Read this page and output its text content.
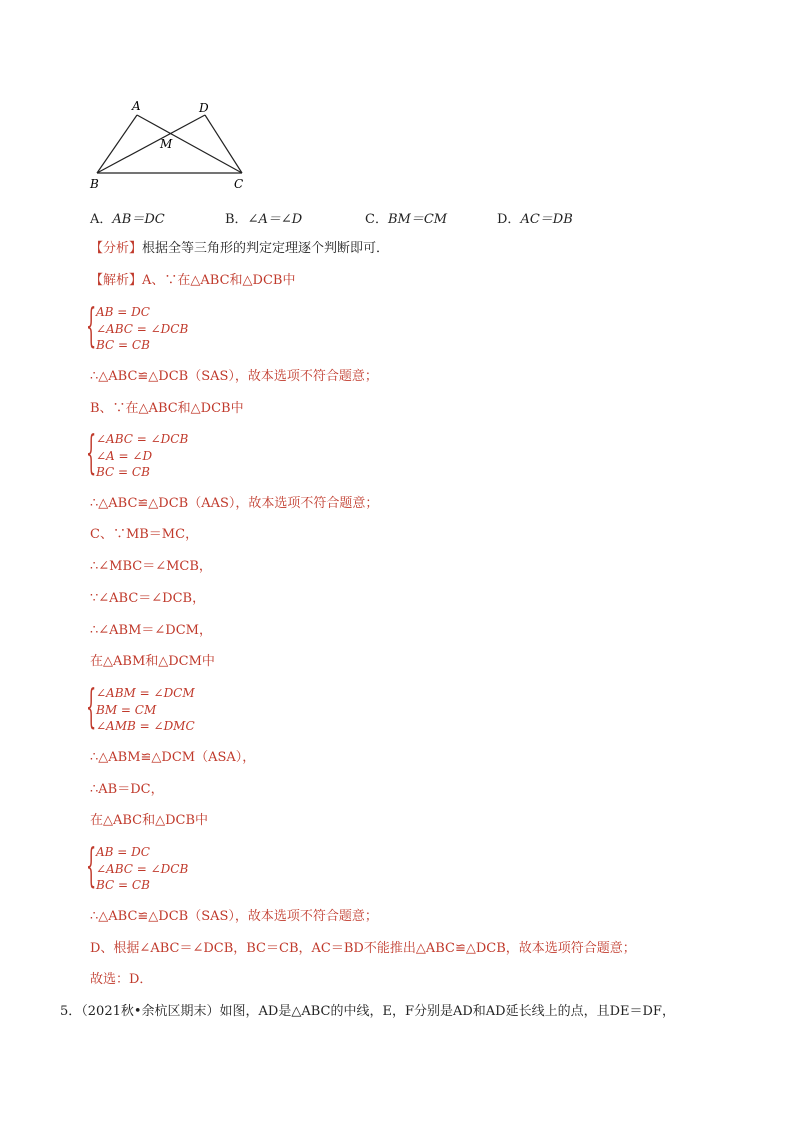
A	D
M
B	C
A．AB＝DC	B．∠A＝∠D	C．BM＝CM	D．AC＝DB
【分析】根据全等三角形的判定定理逐个判断即可．
【解析】A、∵在△ABC和△DCB中
{ AB = DC
∠ABC = ∠DCB
BC = CB
∴△ABC≌△DCB（SAS），故本选项不符合题意；
B、∵在△ABC和△DCB中
{ ∠ABC = ∠DCB
∠A = ∠D
BC = CB
∴△ABC≌△DCB（AAS），故本选项不符合题意；
C、∵MB＝MC，
∴∠MBC＝∠MCB，
∵∠ABC＝∠DCB，
∴∠ABM＝∠DCM，
在△ABM和△DCM中
{ ∠ABM = ∠DCM
BM = CM
∠AMB = ∠DMC
∴△ABM≌△DCM（ASA），
∴AB＝DC，
在△ABC和△DCB中
{ AB = DC
∠ABC = ∠DCB
BC = CB
∴△ABC≌△DCB（SAS），故本选项不符合题意；
D、根据∠ABC＝∠DCB，BC＝CB，AC＝BD不能推出△ABC≌△DCB，故本选项符合题意；
故选：D．
5．（2021秋•余杭区期末）如图，AD是△ABC的中线，E，F分别是AD和AD延长线上的点，且DE＝DF，
